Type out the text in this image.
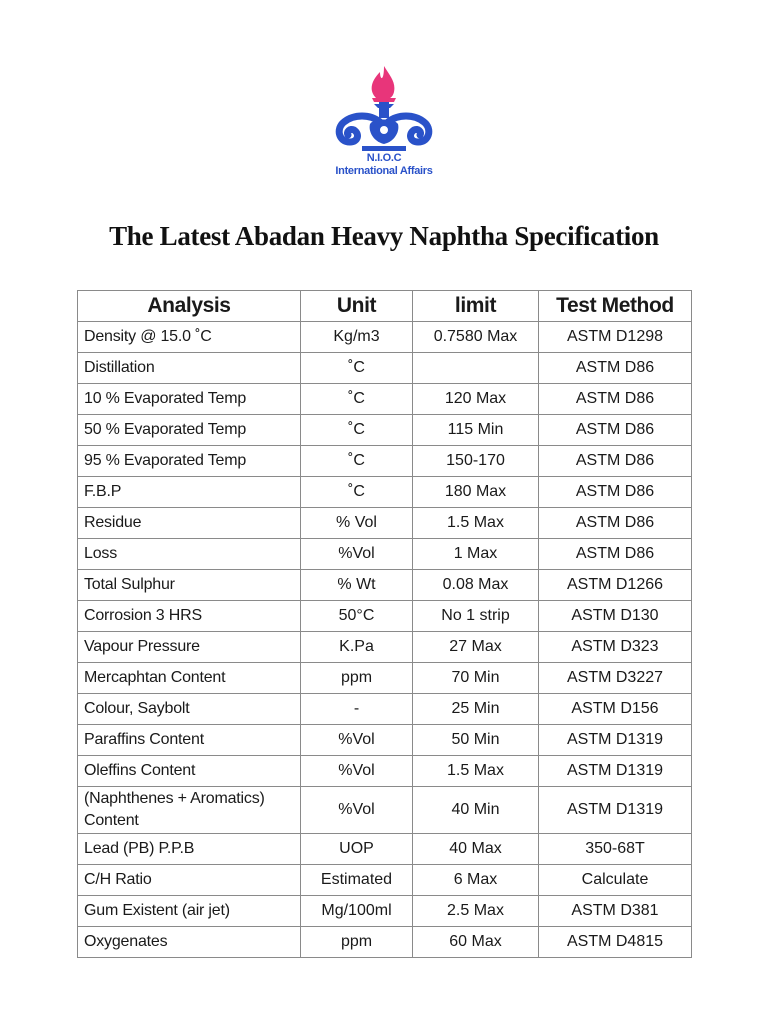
N.I.O.C
International Affairs
The Latest Abadan Heavy Naphtha Specification
Analysis	Unit	limit	Test Method
Density @ 15.0 ˚C	Kg/m3	0.7580 Max	ASTM D1298
Distillation	˚C		ASTM D86
10 % Evaporated Temp	˚C	120 Max	ASTM D86
50 % Evaporated Temp	˚C	115 Min	ASTM D86
95 % Evaporated Temp	˚C	150-170	ASTM D86
F.B.P	˚C	180 Max	ASTM D86
Residue	% Vol	1.5 Max	ASTM D86
Loss	%Vol	1 Max	ASTM D86
Total Sulphur	% Wt	0.08 Max	ASTM D1266
Corrosion 3 HRS	50°C	No 1 strip	ASTM D130
Vapour Pressure	K.Pa	27 Max	ASTM D323
Mercaphtan Content	ppm	70 Min	ASTM D3227
Colour, Saybolt	-	25 Min	ASTM D156
Paraffins Content	%Vol	50 Min	ASTM D1319
Oleffins Content	%Vol	1.5 Max	ASTM D1319
(Naphthenes + Aromatics) Content	%Vol	40 Min	ASTM D1319
Lead (PB) P.P.B	UOP	40 Max	350-68T
C/H Ratio	Estimated	6 Max	Calculate
Gum Existent (air jet)	Mg/100ml	2.5 Max	ASTM D381
Oxygenates	ppm	60 Max	ASTM D4815
